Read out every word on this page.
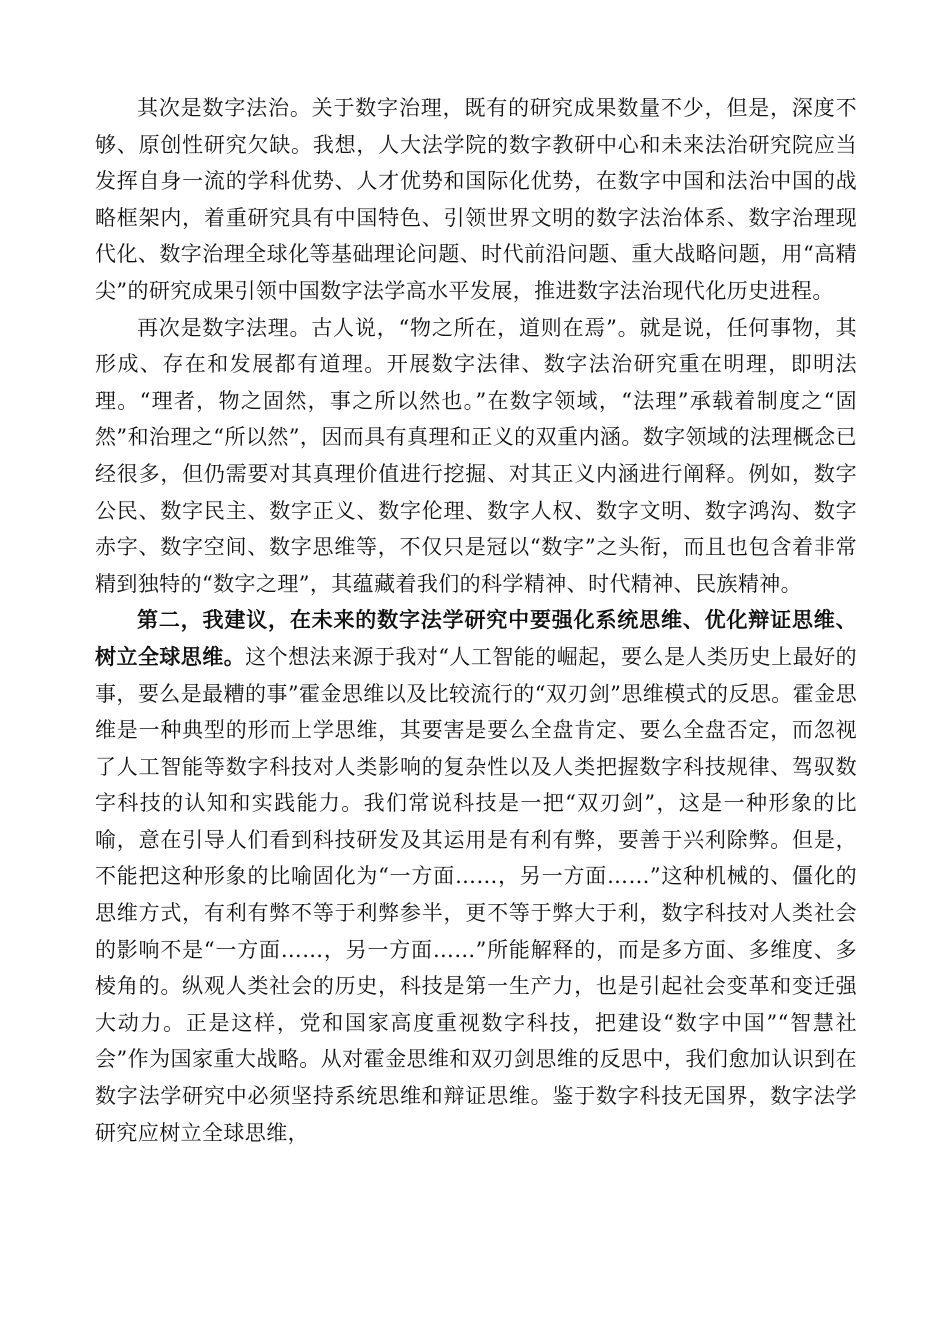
其次是数字法治。关于数字治理，既有的研究成果数量不少，但是，深度不够、原创性研究欠缺。我想，人大法学院的数字教研中心和未来法治研究院应当发挥自身一流的学科优势、人才优势和国际化优势，在数字中国和法治中国的战略框架内，着重研究具有中国特色、引领世界文明的数字法治体系、数字治理现代化、数字治理全球化等基础理论问题、时代前沿问题、重大战略问题，用“高精尖”的研究成果引领中国数字法学高水平发展，推进数字法治现代化历史进程。

再次是数字法理。古人说，“物之所在，道则在焉”。就是说，任何事物，其形成、存在和发展都有道理。开展数字法律、数字法治研究重在明理，即明法理。“理者，物之固然，事之所以然也。”在数字领域，“法理”承载着制度之“固然”和治理之“所以然”，因而具有真理和正义的双重内涵。数字领域的法理概念已经很多，但仍需要对其真理价值进行挖掘、对其正义内涵进行阐释。例如，数字公民、数字民主、数字正义、数字伦理、数字人权、数字文明、数字鸿沟、数字赤字、数字空间、数字思维等，不仅只是冠以“数字”之头衔，而且也包含着非常精到独特的“数字之理”，其蕴藏着我们的科学精神、时代精神、民族精神。

第二，我建议，在未来的数字法学研究中要强化系统思维、优化辩证思维、树立全球思维。这个想法来源于我对“人工智能的崛起，要么是人类历史上最好的事，要么是最糟的事”霍金思维以及比较流行的“双刃剑”思维模式的反思。霍金思维是一种典型的形而上学思维，其要害是要么全盘肯定、要么全盘否定，而忽视了人工智能等数字科技对人类影响的复杂性以及人类把握数字科技规律、驾驭数字科技的认知和实践能力。我们常说科技是一把“双刃剑”，这是一种形象的比喻，意在引导人们看到科技研发及其运用是有利有弊，要善于兴利除弊。但是，不能把这种形象的比喻固化为“一方面……，另一方面……”这种机械的、僵化的思维方式，有利有弊不等于利弊参半，更不等于弊大于利，数字科技对人类社会的影响不是“一方面……，另一方面……”所能解释的，而是多方面、多维度、多棱角的。纵观人类社会的历史，科技是第一生产力，也是引起社会变革和变迁强大动力。正是这样，党和国家高度重视数字科技，把建设“数字中国”“智慧社会”作为国家重大战略。从对霍金思维和双刃剑思维的反思中，我们愈加认识到在数字法学研究中必须坚持系统思维和辩证思维。鉴于数字科技无国界，数字法学研究应树立全球思维，
